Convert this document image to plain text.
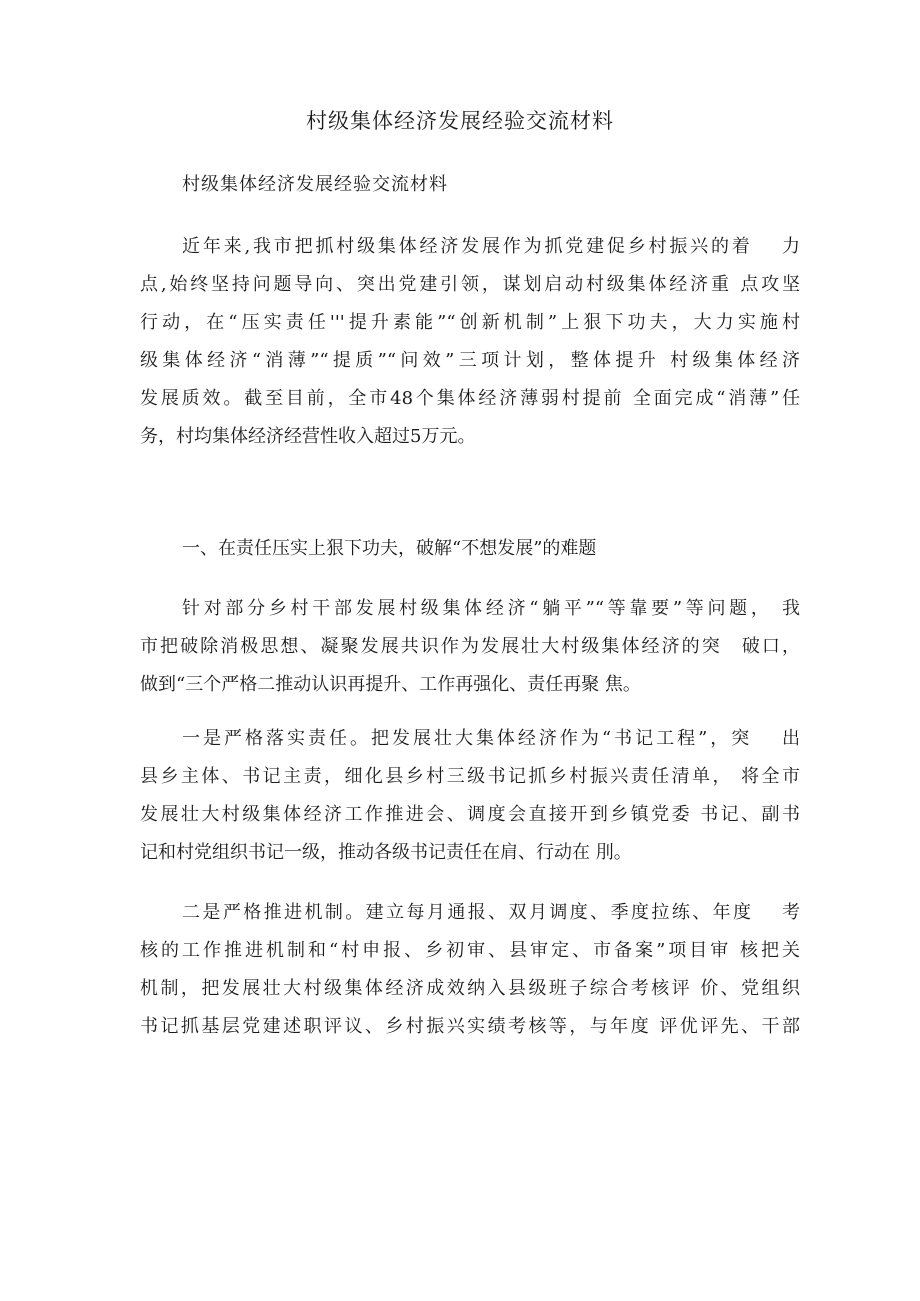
村级集体经济发展经验交流材料
村级集体经济发展经验交流材料
近年来,我市把抓村级集体经济发展作为抓党建促乡村振兴的着　 力
点,始终坚持问题导向、突出党建引领，谋划启动村级集体经济重 点攻坚
行动，在“压实责任'''提升素能”“创新机制”上狠下功夫，大力实施村
级集体经济“消薄”“提质”“问效”三项计划，整体提升 村级集体经济
发展质效。截至目前，全市48个集体经济薄弱村提前 全面完成“消薄”任
务，村均集体经济经营性收入超过5万元。
一、在责任压实上狠下功夫，破解“不想发展”的难题
针对部分乡村干部发展村级集体经济“躺平”“等靠要”等问题， 我
市把破除消极思想、凝聚发展共识作为发展壮大村级集体经济的突　破口，
做到“三个严格二推动认识再提升、工作再强化、责任再聚 焦。
一是严格落实责任。把发展壮大集体经济作为“书记工程”，突　 出
县乡主体、书记主责，细化县乡村三级书记抓乡村振兴责任清单， 将全市
发展壮大村级集体经济工作推进会、调度会直接开到乡镇党委 书记、副书
记和村党组织书记一级，推动各级书记责任在肩、行动在 刖。
二是严格推进机制。建立每月通报、双月调度、季度拉练、年度　 考
核的工作推进机制和“村申报、乡初审、县审定、市备案”项目审 核把关
机制，把发展壮大村级集体经济成效纳入县级班子综合考核评 价、党组织
书记抓基层党建述职评议、乡村振兴实绩考核等，与年度 评优评先、干部
